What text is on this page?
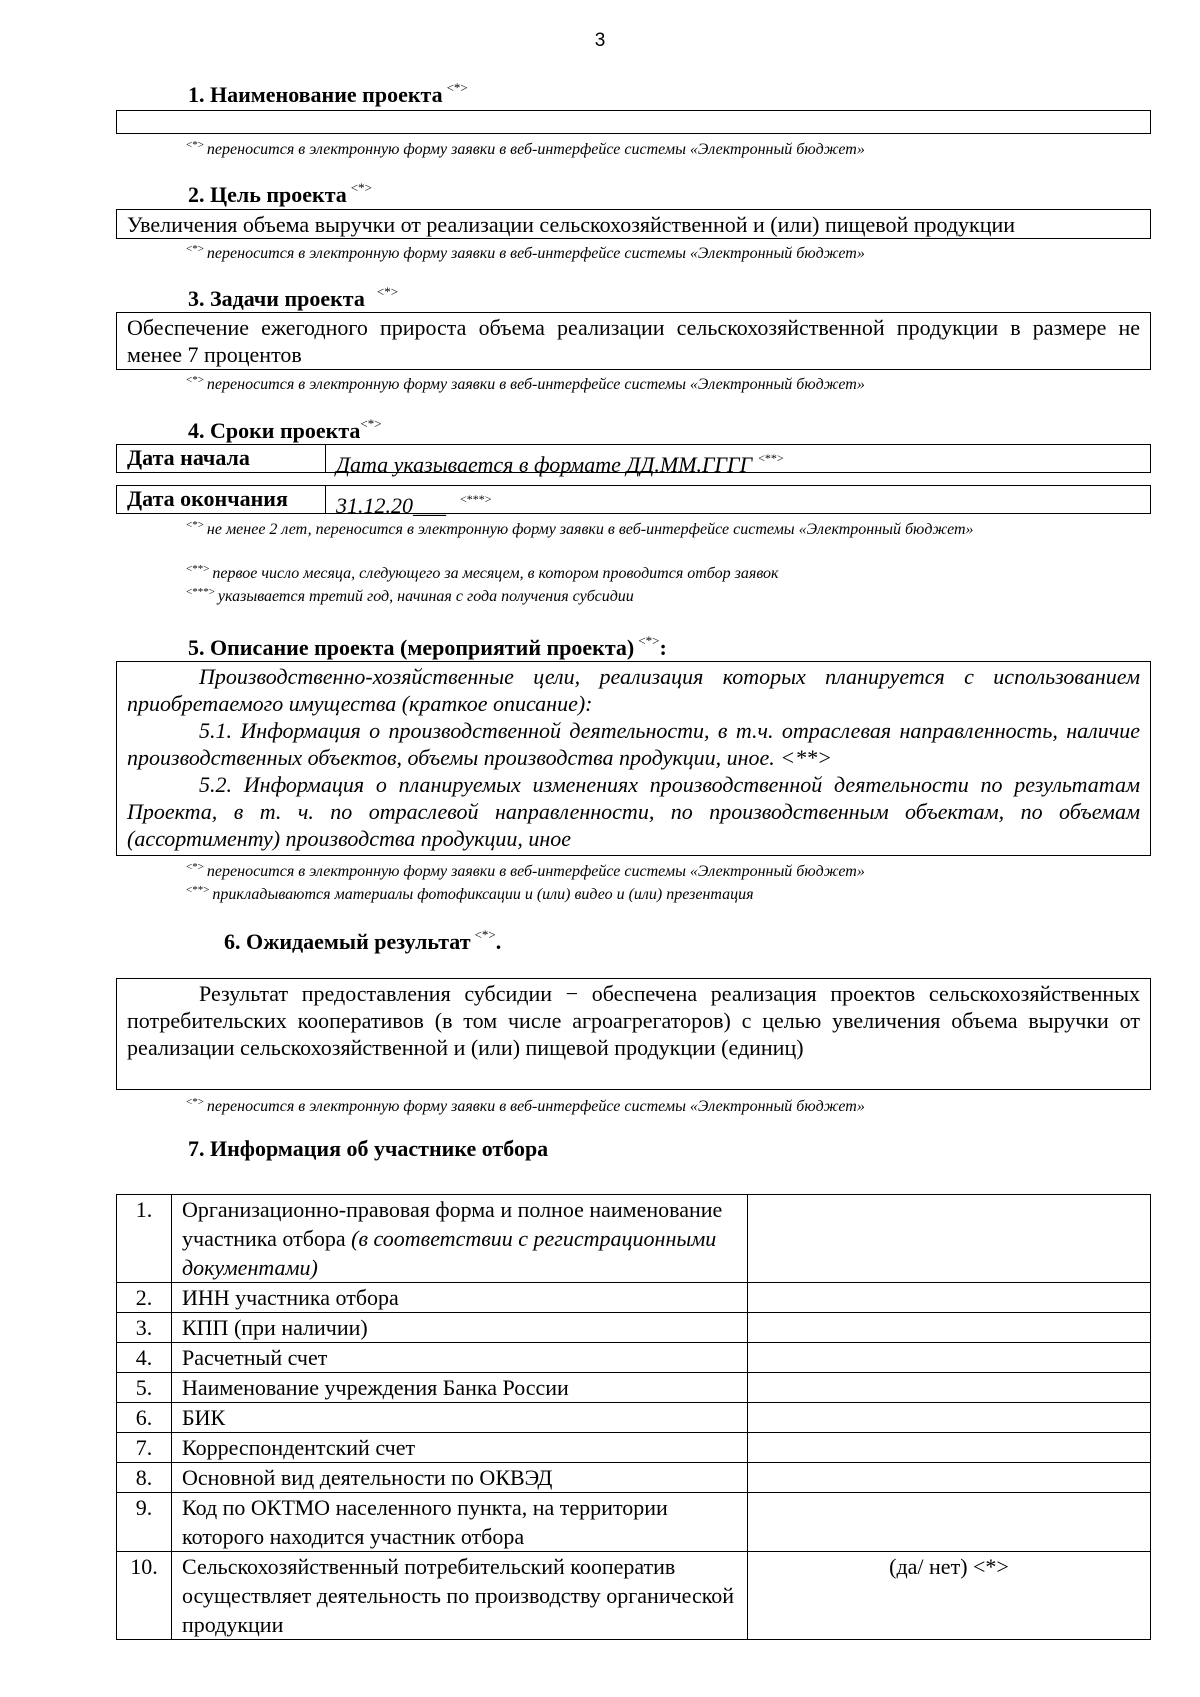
3
1. Наименование проекта <*>
<*> переносится в электронную форму заявки в веб-интерфейсе системы «Электронный бюджет»
2. Цель проекта <*>
Увеличения объема выручки от реализации сельскохозяйственной и (или) пищевой продукции
<*> переносится в электронную форму заявки в веб-интерфейсе системы «Электронный бюджет»
3. Задачи проекта <*>
Обеспечение ежегодного прироста объема реализации сельскохозяйственной продукции в размере не менее 7 процентов
<*> переносится в электронную форму заявки в веб-интерфейсе системы «Электронный бюджет»
4. Сроки проекта<*>
Дата начала	Дата указывается в формате ДД.ММ.ГГГГ <**>
Дата окончания	31.12.20___ <***>
<*> не менее 2 лет, переносится в электронную форму заявки в веб-интерфейсе системы «Электронный бюджет»
<**> первое число месяца, следующего за месяцем, в котором проводится отбор заявок
<***> указывается третий год, начиная с года получения субсидии
5. Описание проекта (мероприятий проекта) <*>:

Производственно-хозяйственные цели, реализация которых планируется с использованием приобретаемого имущества (краткое описание):

5.1. Информация о производственной деятельности, в т.ч. отраслевая направленность, наличие производственных объектов, объемы производства продукции, иное. <**>

5.2. Информация о планируемых изменениях производственной деятельности по результатам Проекта, в т. ч. по отраслевой направленности, по производственным объектам, по объемам (ассортименту) производства продукции, иное

<*> переносится в электронную форму заявки в веб-интерфейсе системы «Электронный бюджет»
<**> прикладываются материалы фотофиксации и (или) видео и (или) презентация
6. Ожидаемый результат <*>.
Результат предоставления субсидии − обеспечена реализация проектов сельскохозяйственных потребительских кооперативов (в том числе агроагрегаторов) с целью увеличения объема выручки от реализации сельскохозяйственной и (или) пищевой продукции (единиц)
<*> переносится в электронную форму заявки в веб-интерфейсе системы «Электронный бюджет»
7. Информация об участнике отбора
1.	Организационно-правовая форма и полное наименование участника отбора (в соответствии с регистрационными документами)	
2.	ИНН участника отбора	
3.	КПП (при наличии)	
4.	Расчетный счет	
5.	Наименование учреждения Банка России	
6.	БИК	
7.	Корреспондентский счет	
8.	Основной вид деятельности по ОКВЭД	
9.	Код по ОКТМО населенного пункта, на территории которого находится участник отбора	
10.	Сельскохозяйственный потребительский кооператив осуществляет деятельность по производству органической продукции	(да/ нет) <*>
